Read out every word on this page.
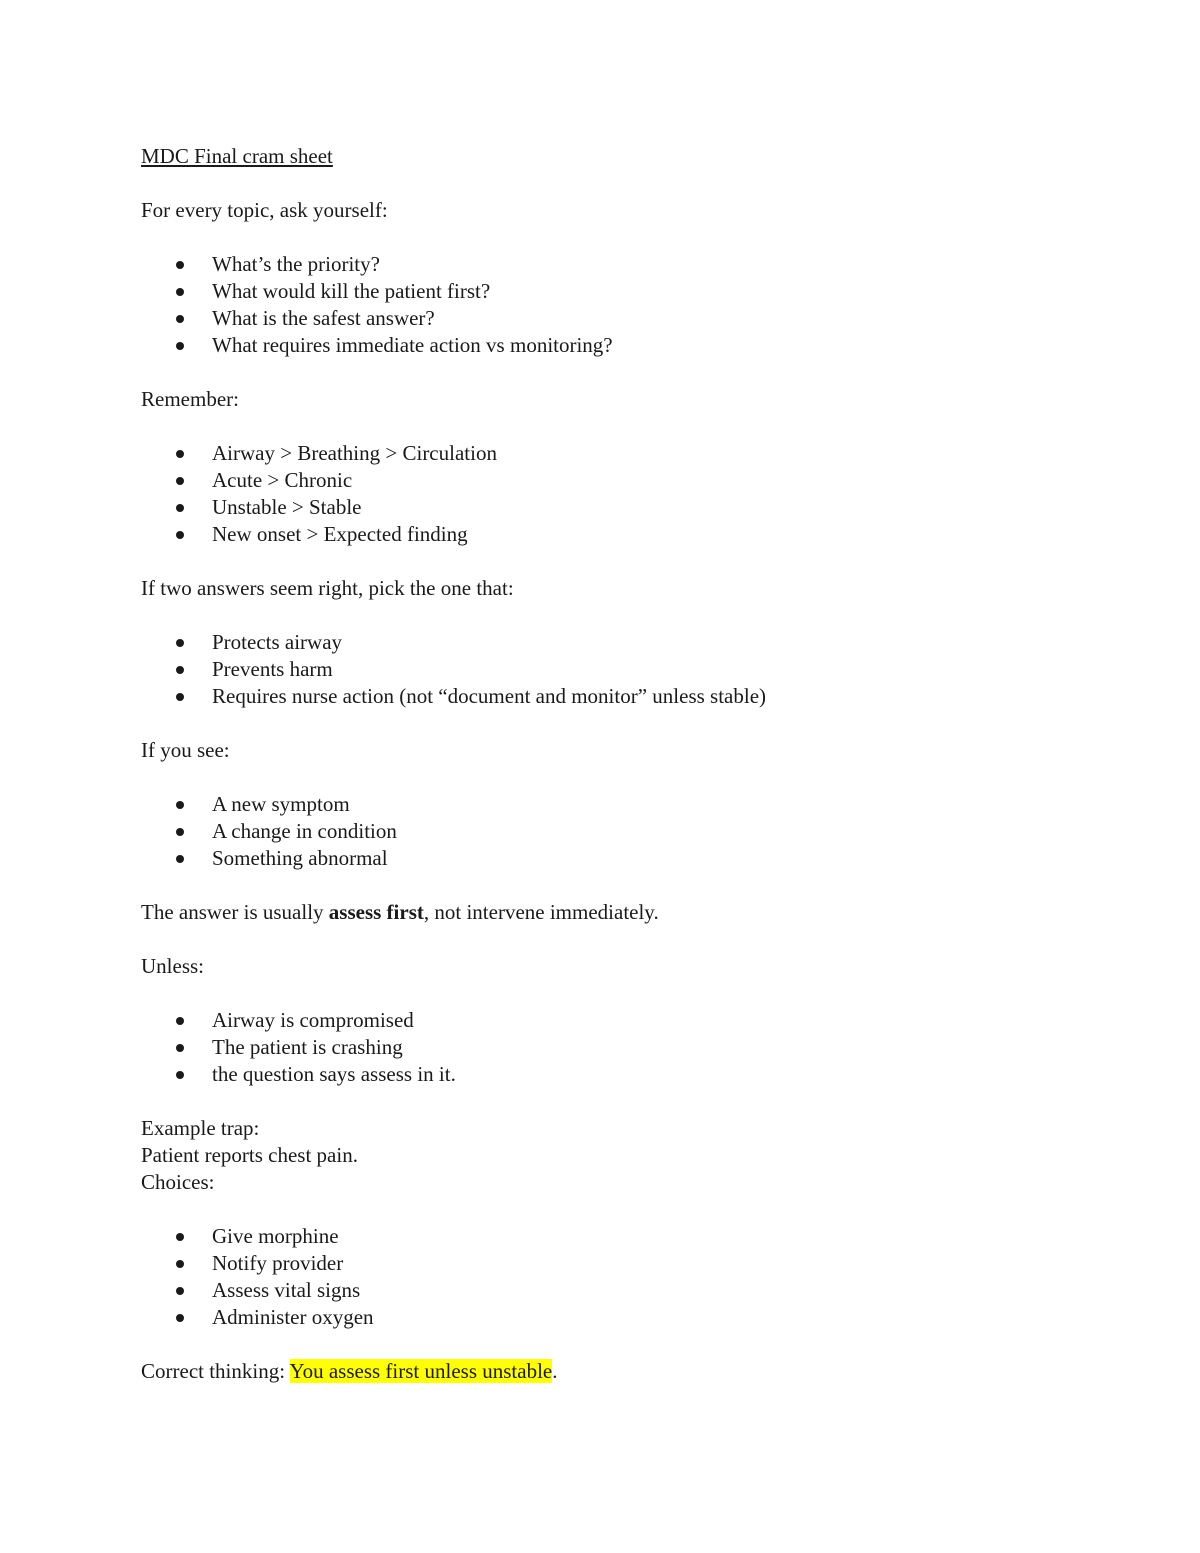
MDC Final cram sheet
For every topic, ask yourself:
What’s the priority?
What would kill the patient first?
What is the safest answer?
What requires immediate action vs monitoring?
Remember:
Airway > Breathing > Circulation
Acute > Chronic
Unstable > Stable
New onset > Expected finding
If two answers seem right, pick the one that:
Protects airway
Prevents harm
Requires nurse action (not “document and monitor” unless stable)
If you see:
A new symptom
A change in condition
Something abnormal
The answer is usually assess first, not intervene immediately.
Unless:
Airway is compromised
The patient is crashing
the question says assess in it.
Example trap:
Patient reports chest pain.
Choices:
Give morphine
Notify provider
Assess vital signs
Administer oxygen
Correct thinking: You assess first unless unstable.
